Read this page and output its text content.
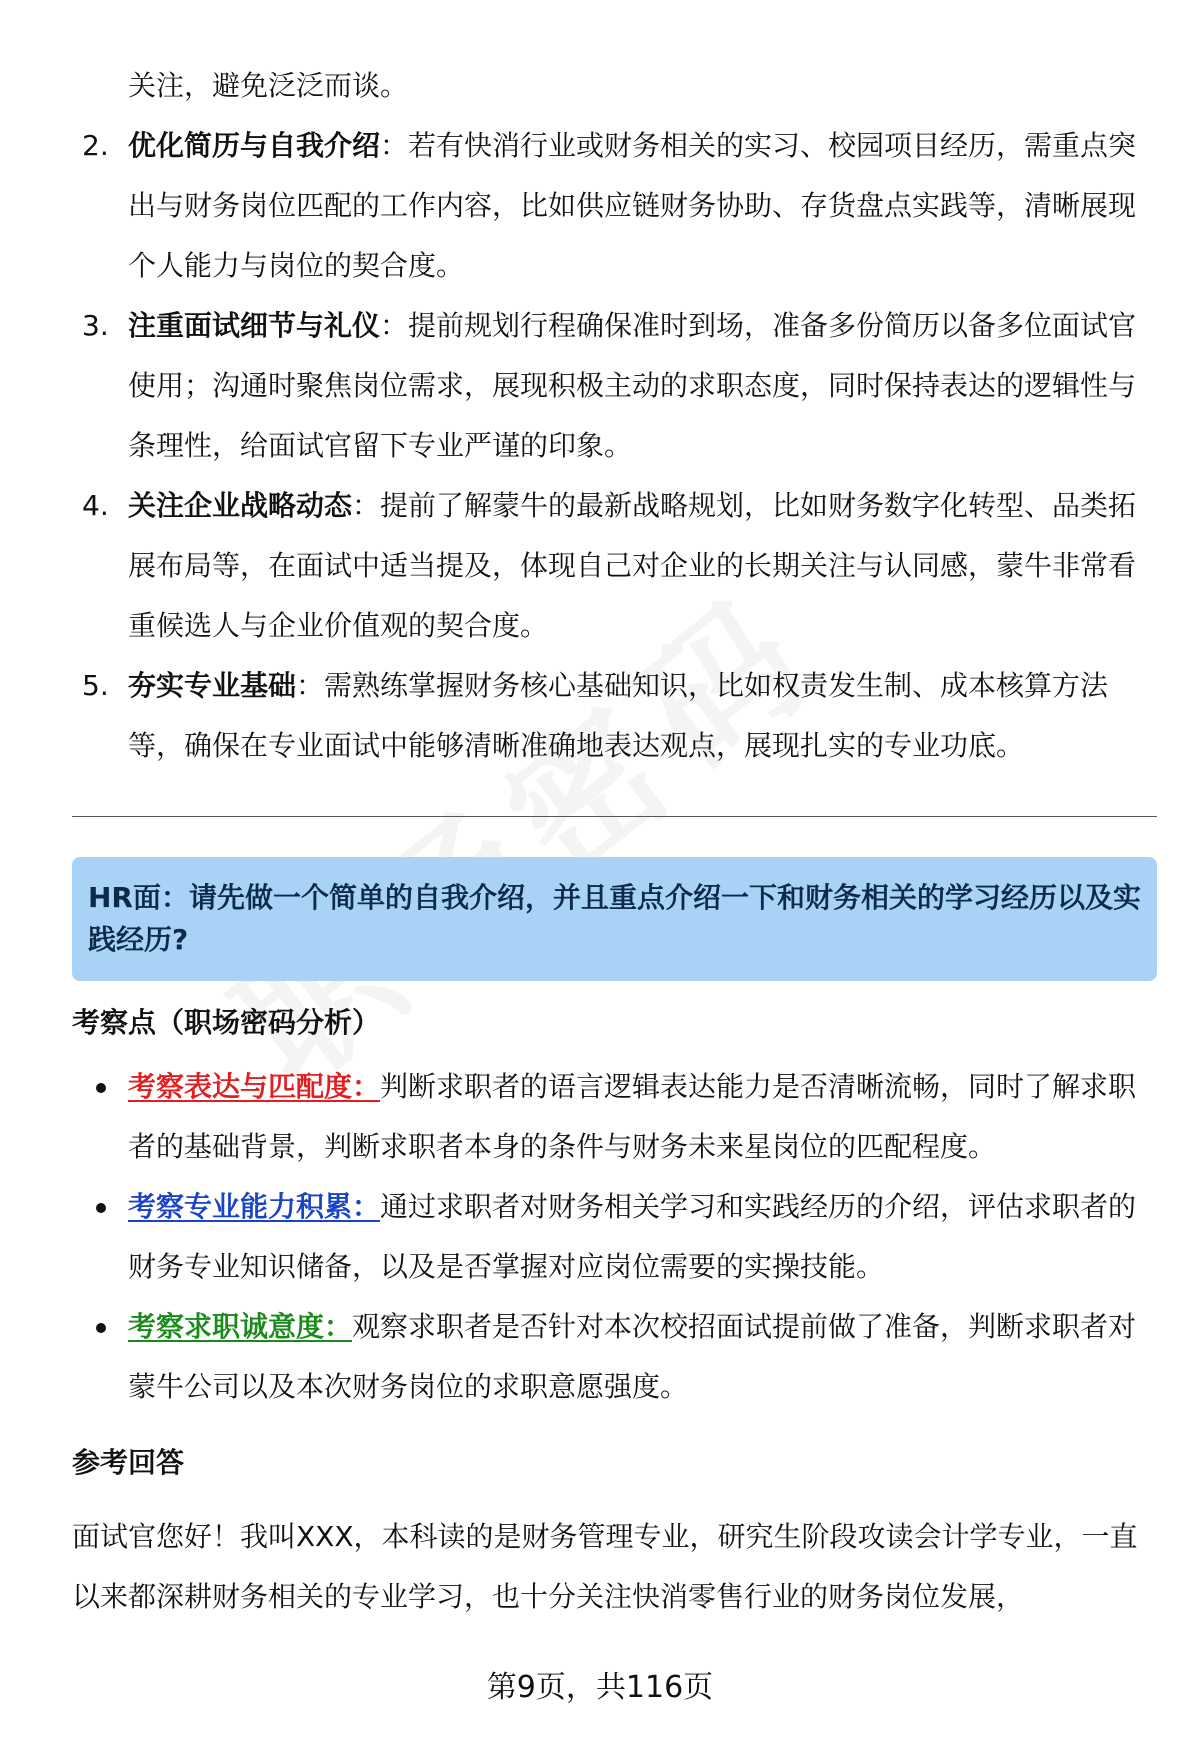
关注，避免泛泛而谈。

2. 优化简历与自我介绍：若有快消行业或财务相关的实习、校园项目经历，需重点突出与财务岗位匹配的工作内容，比如供应链财务协助、存货盘点实践等，清晰展现个人能力与岗位的契合度。
3. 注重面试细节与礼仪：提前规划行程确保准时到场，准备多份简历以备多位面试官使用；沟通时聚焦岗位需求，展现积极主动的求职态度，同时保持表达的逻辑性与条理性，给面试官留下专业严谨的印象。
4. 关注企业战略动态：提前了解蒙牛的最新战略规划，比如财务数字化转型、品类拓展布局等，在面试中适当提及，体现自己对企业的长期关注与认同感，蒙牛非常看重候选人与企业价值观的契合度。
5. 夯实专业基础：需熟练掌握财务核心基础知识，比如权责发生制、成本核算方法等，确保在专业面试中能够清晰准确地表达观点，展现扎实的专业功底。
HR面：请先做一个简单的自我介绍，并且重点介绍一下和财务相关的学习经历以及实践经历?
考察点（职场密码分析）
考察表达与匹配度：判断求职者的语言逻辑表达能力是否清晰流畅，同时了解求职者的基础背景，判断求职者本身的条件与财务未来星岗位的匹配程度。
考察专业能力积累：通过求职者对财务相关学习和实践经历的介绍，评估求职者的财务专业知识储备，以及是否掌握对应岗位需要的实操技能。
考察求职诚意度：观察求职者是否针对本次校招面试提前做了准备，判断求职者对蒙牛公司以及本次财务岗位的求职意愿强度。
参考回答

面试官您好！我叫XXX，本科读的是财务管理专业，研究生阶段攻读会计学专业，一直以来都深耕财务相关的专业学习，也十分关注快消零售行业的财务岗位发展，

第9页，共116页
